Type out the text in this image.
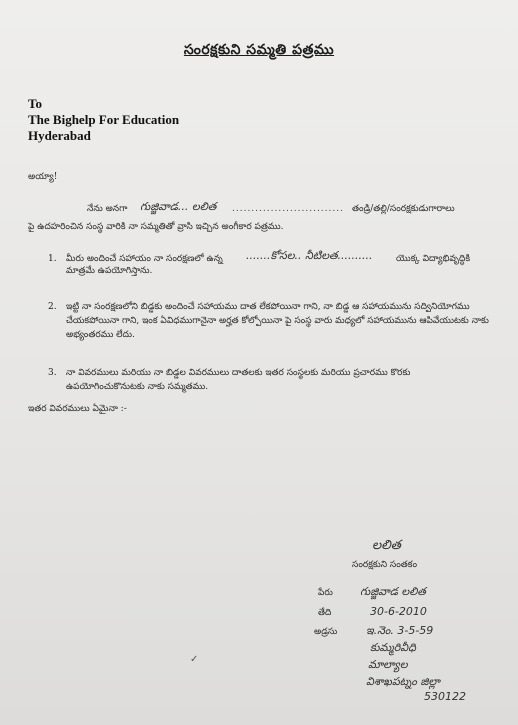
సంరక్షకుని సమ్మతి పత్రము
To
The Bighelp For Education
Hyderabad
అయ్యా!
నేను అనగా గుజ్జివాడ... లలిత ............................. తండ్రి/తల్లి/సంరక్షకుడుగారాలు
పై ఉదహరించిన సంస్థ వారికి నా సమ్మతితో వ్రాసి ఇచ్చిన అంగీకార పత్రము.
1. మీరు అందించే సహాయం నా సంరక్షణలో ఉన్న .......కోసల.. నీటిలత..........	యొక్క విద్యాభివృద్ధికి
మాత్రమే ఉపయోగిస్తాను.
2. ఇట్టి నా సంరక్షణలోని బిడ్డకు అందించే సహాయము దాత లేకపోయినా గాని, నా బిడ్డ ఆ సహాయమును సద్వినియోగము చేయకపోయినా గాని, ఇంక ఏవిధముగానైనా అర్హత కోల్పోయినా పై సంస్థ వారు మధ్యలో సహాయమును ఆపివేయుటకు నాకు అభ్యంతరము లేదు.
3. నా వివరములు మరియు నా బిడ్డల వివరములు దాతలకు ఇతర సంస్థలకు మరియు ప్రచారము కొరకు ఉపయోగించుకొనుటకు నాకు సమ్మతము.
ఇతర వివరములు ఏమైనా :-
లలిత
సంరక్షకుని సంతకం
పేరు గుజ్జివాడ లలిత
తేది	30-6-2010
అడ్రసు	ఇ.నెం. 3-5-59
కుమ్మరివీధి
మాల్యాల
విశాఖపట్నం జిల్లా
530122
✓
